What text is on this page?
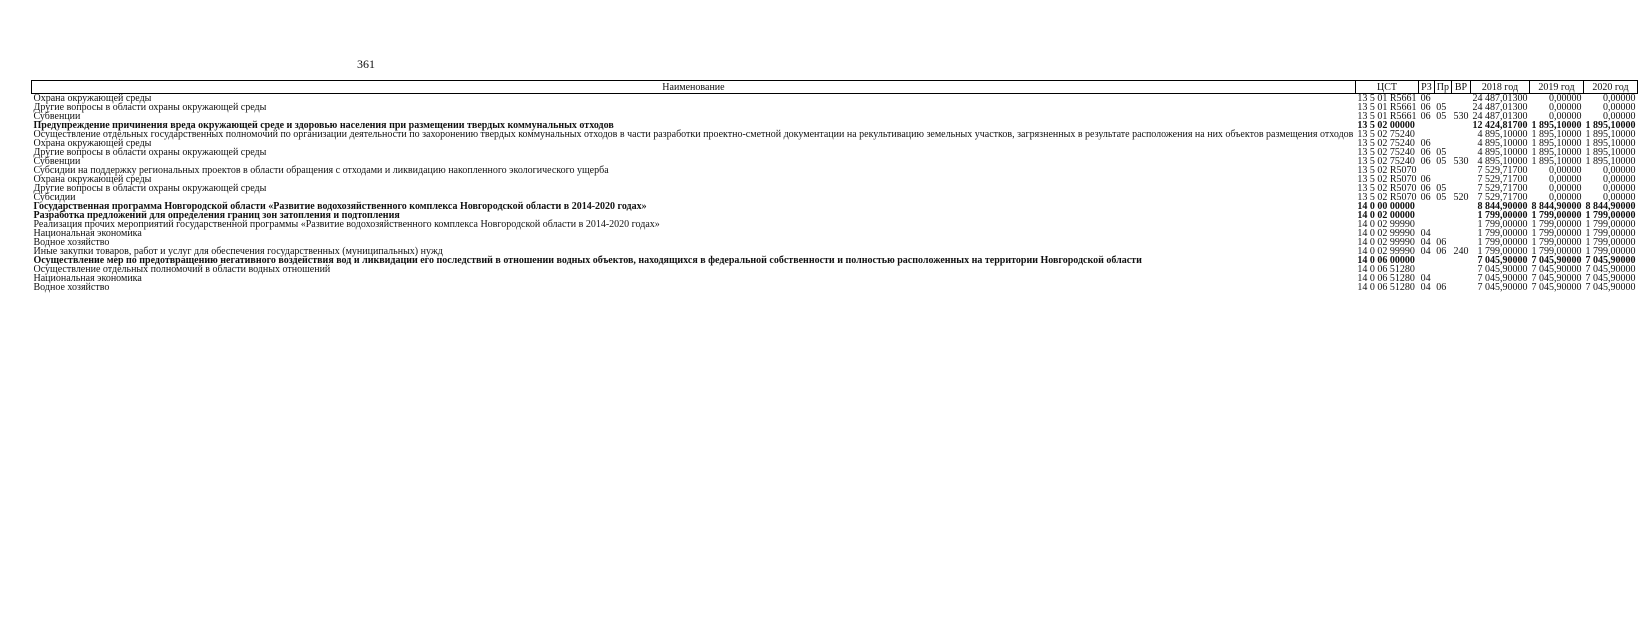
361
Наименование	ЦСТ	РЗ	Пр	ВР	2018 год	2019 год	2020 год
Охрана окружающей среды	13 5 01 R5661	06			24 487,01300	0,00000	0,00000
Другие вопросы в области охраны окружающей среды	13 5 01 R5661	06	05		24 487,01300	0,00000	0,00000
Субвенции	13 5 01 R5661	06	05	530	24 487,01300	0,00000	0,00000
Предупреждение причинения вреда окружающей среде и здоровью населения при размещении твердых коммунальных отходов	13 5 02 00000				12 424,81700	1 895,10000	1 895,10000
Осуществление отдельных государственных полномочий по организации деятельности по захоронению твердых коммунальных отходов в части разработки проектно-сметной документации на рекультивацию земельных участков, загрязненных в результате расположения на них объектов размещения отходов	13 5 02 75240				4 895,10000	1 895,10000	1 895,10000
Охрана окружающей среды	13 5 02 75240	06			4 895,10000	1 895,10000	1 895,10000
Другие вопросы в области охраны окружающей среды	13 5 02 75240	06	05		4 895,10000	1 895,10000	1 895,10000
Субвенции	13 5 02 75240	06	05	530	4 895,10000	1 895,10000	1 895,10000
Субсидии на поддержку региональных проектов в области обращения с отходами и ликвидацию накопленного экологического ущерба	13 5 02 R5070				7 529,71700	0,00000	0,00000
Охрана окружающей среды	13 5 02 R5070	06			7 529,71700	0,00000	0,00000
Другие вопросы в области охраны окружающей среды	13 5 02 R5070	06	05		7 529,71700	0,00000	0,00000
Субсидии	13 5 02 R5070	06	05	520	7 529,71700	0,00000	0,00000
Государственная программа Новгородской области «Развитие водохозяйственного комплекса Новгородской области в 2014-2020 годах»	14 0 00 00000				8 844,90000	8 844,90000	8 844,90000
Разработка предложений для определения границ зон затопления и подтопления	14 0 02 00000				1 799,00000	1 799,00000	1 799,00000
Реализация прочих мероприятий государственной программы «Развитие водохозяйственного комплекса Новгородской области в 2014-2020 годах»	14 0 02 99990				1 799,00000	1 799,00000	1 799,00000
Национальная экономика	14 0 02 99990	04			1 799,00000	1 799,00000	1 799,00000
Водное хозяйство	14 0 02 99990	04	06		1 799,00000	1 799,00000	1 799,00000
Иные закупки товаров, работ и услуг для обеспечения государственных (муниципальных) нужд	14 0 02 99990	04	06	240	1 799,00000	1 799,00000	1 799,00000
Осуществление мер по предотвращению негативного воздействия вод и ликвидации его последствий в отношении водных объектов, находящихся в федеральной собственности и полностью расположенных на территории Новгородской области	14 0 06 00000				7 045,90000	7 045,90000	7 045,90000
Осуществление отдельных полномочий в области водных отношений	14 0 06 51280				7 045,90000	7 045,90000	7 045,90000
Национальная экономика	14 0 06 51280	04			7 045,90000	7 045,90000	7 045,90000
Водное хозяйство	14 0 06 51280	04	06		7 045,90000	7 045,90000	7 045,90000
